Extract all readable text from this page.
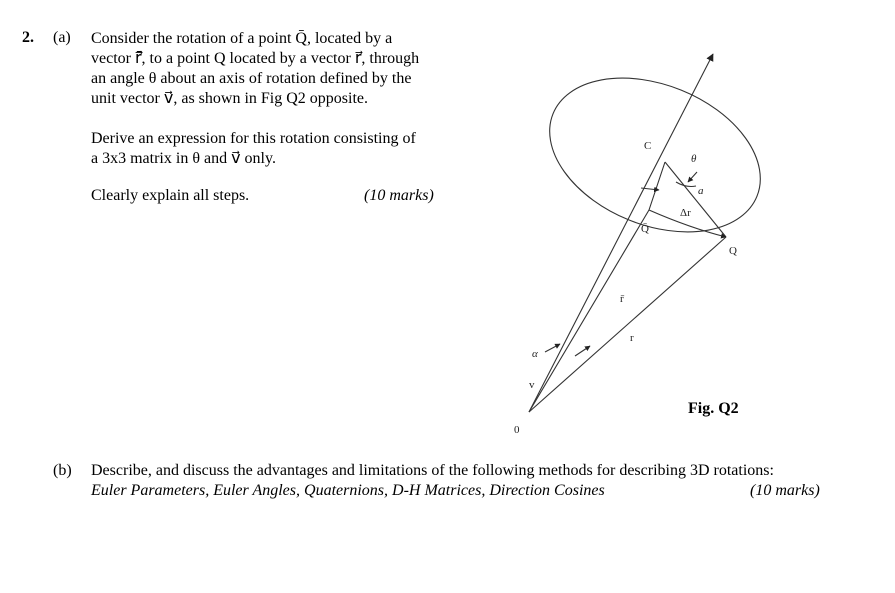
2. (a) Consider the rotation of a point Q̄, located by a
vector r⃗̄, to a point Q located by a vector r⃗, through
an angle θ about an axis of rotation defined by the
unit vector v⃗, as shown in Fig Q2 opposite.
Derive an expression for this rotation consisting of
a 3x3 matrix in θ and v⃗ only.
Clearly explain all steps.	(10 marks)
0
C
θ
a
Δr
Q̄
Q
r̄
r
α
v
Fig. Q2
(b) Describe, and discuss the advantages and limitations of the following methods for describing 3D rotations:
Euler Parameters, Euler Angles, Quaternions, D-H Matrices, Direction Cosines	(10 marks)
